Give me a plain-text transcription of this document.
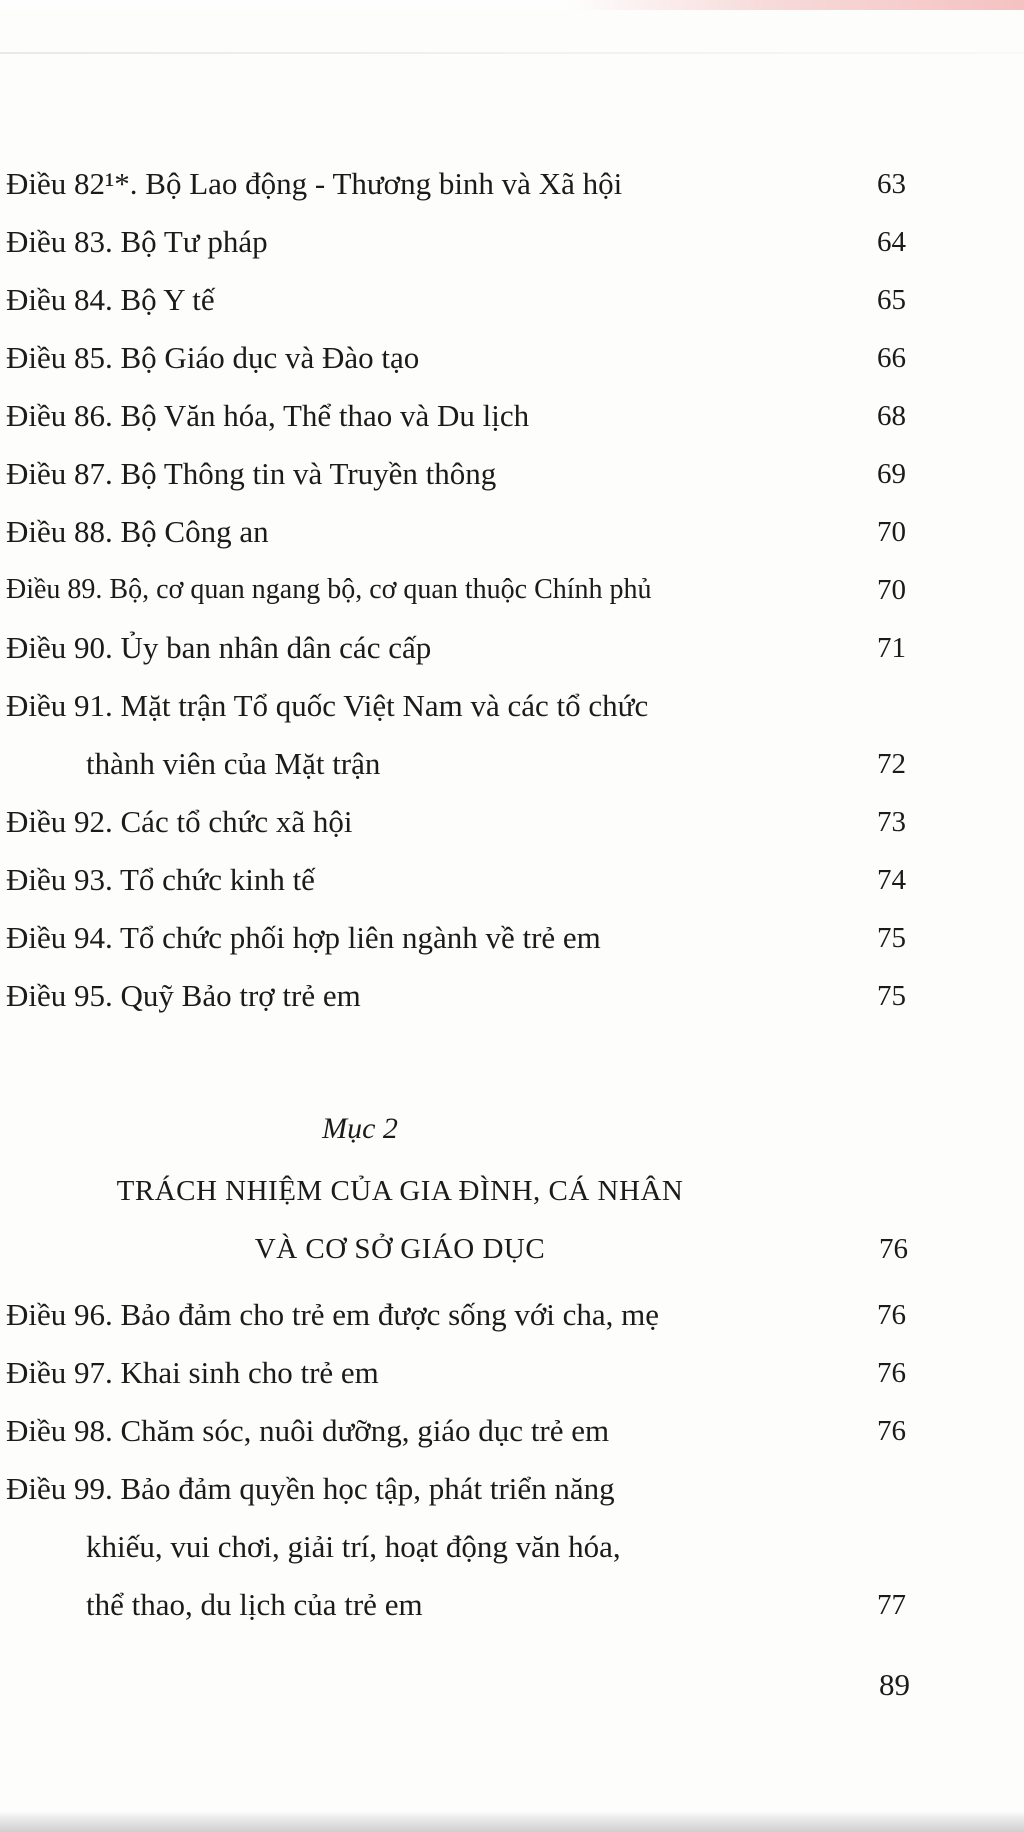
Điều 82¹*. Bộ Lao động - Thương binh và Xã hội	63
Điều 83. Bộ Tư pháp	64
Điều 84. Bộ Y tế	65
Điều 85. Bộ Giáo dục và Đào tạo	66
Điều 86. Bộ Văn hóa, Thể thao và Du lịch	68
Điều 87. Bộ Thông tin và Truyền thông	69
Điều 88. Bộ Công an	70
Điều 89. Bộ, cơ quan ngang bộ, cơ quan thuộc Chính phủ	70
Điều 90. Ủy ban nhân dân các cấp	71
Điều 91. Mặt trận Tổ quốc Việt Nam và các tổ chức
thành viên của Mặt trận	72
Điều 92. Các tổ chức xã hội	73
Điều 93. Tổ chức kinh tế	74
Điều 94. Tổ chức phối hợp liên ngành về trẻ em	75
Điều 95. Quỹ Bảo trợ trẻ em	75
Mục 2
TRÁCH NHIỆM CỦA GIA ĐÌNH, CÁ NHÂN
VÀ CƠ SỞ GIÁO DỤC	76
Điều 96. Bảo đảm cho trẻ em được sống với cha, mẹ	76
Điều 97. Khai sinh cho trẻ em	76
Điều 98. Chăm sóc, nuôi dưỡng, giáo dục trẻ em	76
Điều 99. Bảo đảm quyền học tập, phát triển năng
khiếu, vui chơi, giải trí, hoạt động văn hóa,
thể thao, du lịch của trẻ em	77
89
